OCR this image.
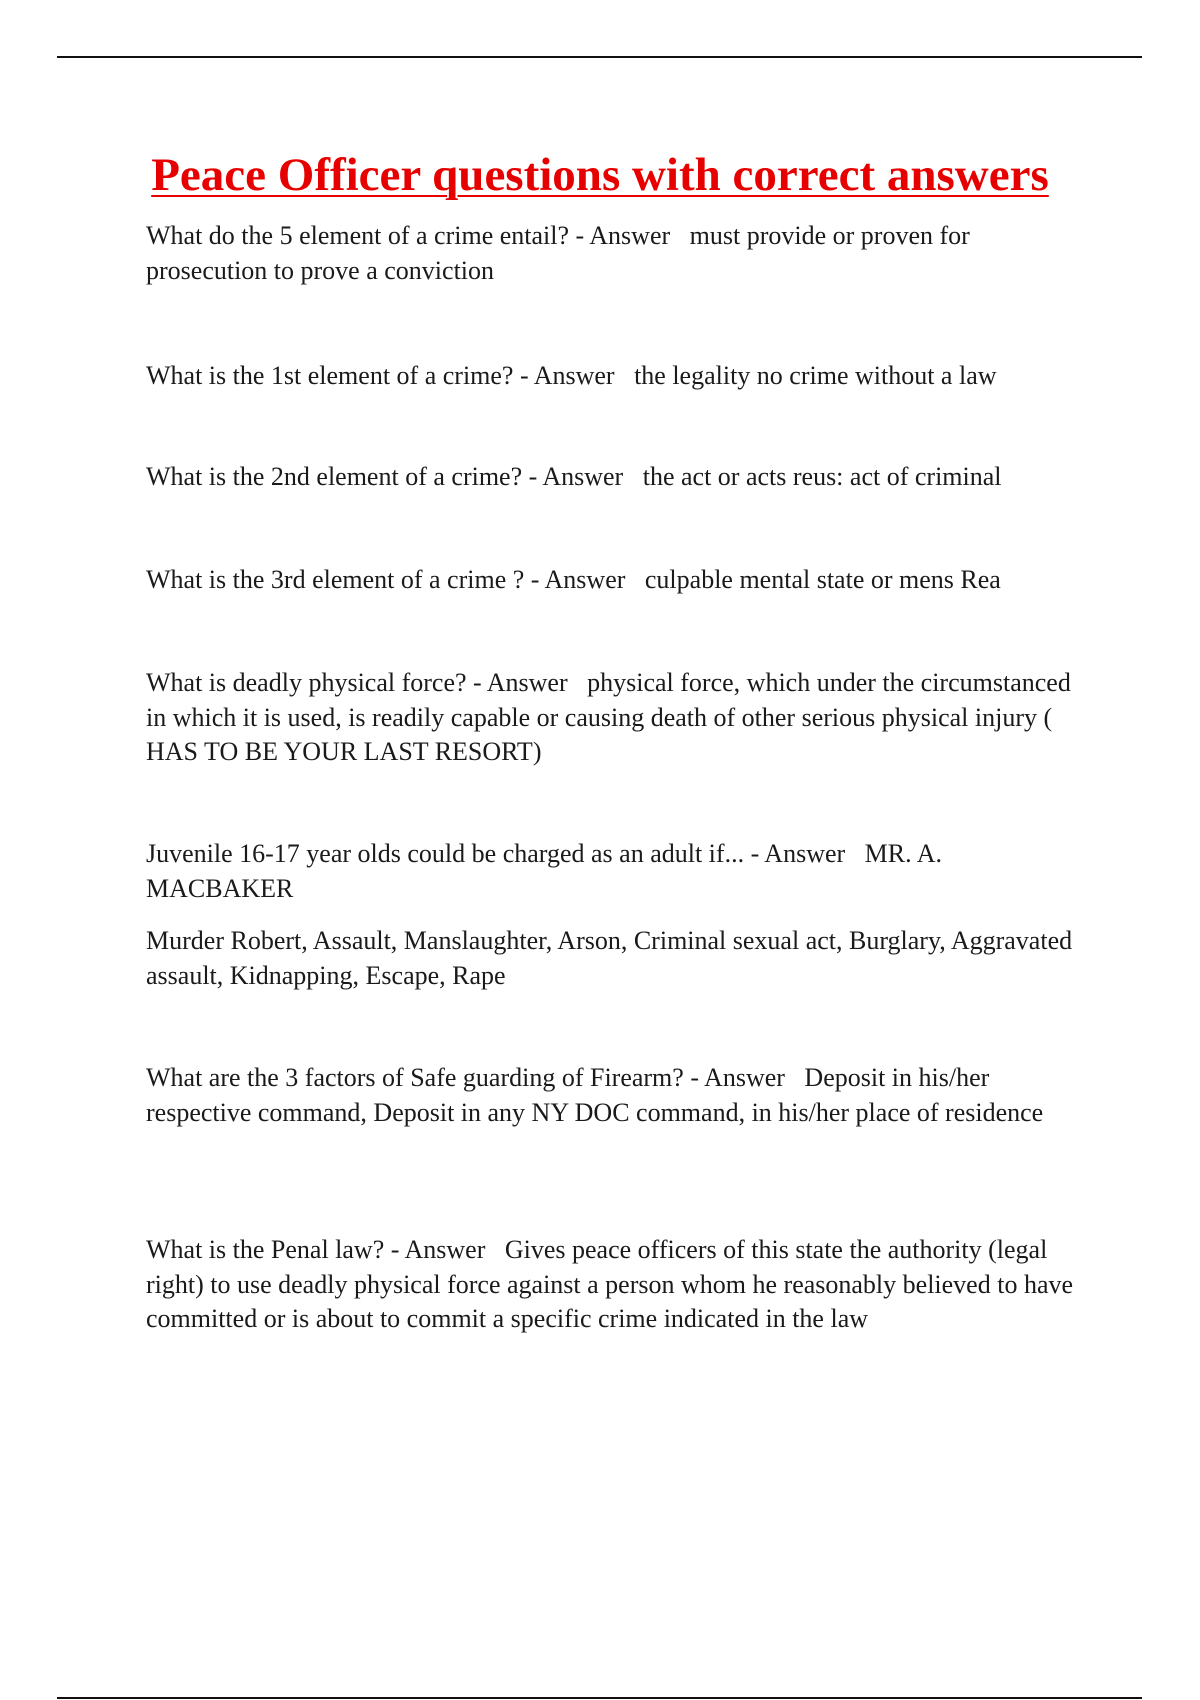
Peace Officer questions with correct answers

What do the 5 element of a crime entail? - Answer must provide or proven for prosecution to prove a conviction

What is the 1st element of a crime? - Answer the legality no crime without a law

What is the 2nd element of a crime? - Answer the act or acts reus: act of criminal

What is the 3rd element of a crime ? - Answer culpable mental state or mens Rea

What is deadly physical force? - Answer physical force, which under the circumstanced in which it is used, is readily capable or causing death of other serious physical injury ( HAS TO BE YOUR LAST RESORT)

Juvenile 16-17 year olds could be charged as an adult if... - Answer MR. A. MACBAKER

Murder Robert, Assault, Manslaughter, Arson, Criminal sexual act, Burglary, Aggravated assault, Kidnapping, Escape, Rape

What are the 3 factors of Safe guarding of Firearm? - Answer Deposit in his/her respective command, Deposit in any NY DOC command, in his/her place of residence

What is the Penal law? - Answer Gives peace officers of this state the authority (legal right) to use deadly physical force against a person whom he reasonably believed to have committed or is about to commit a specific crime indicated in the law
